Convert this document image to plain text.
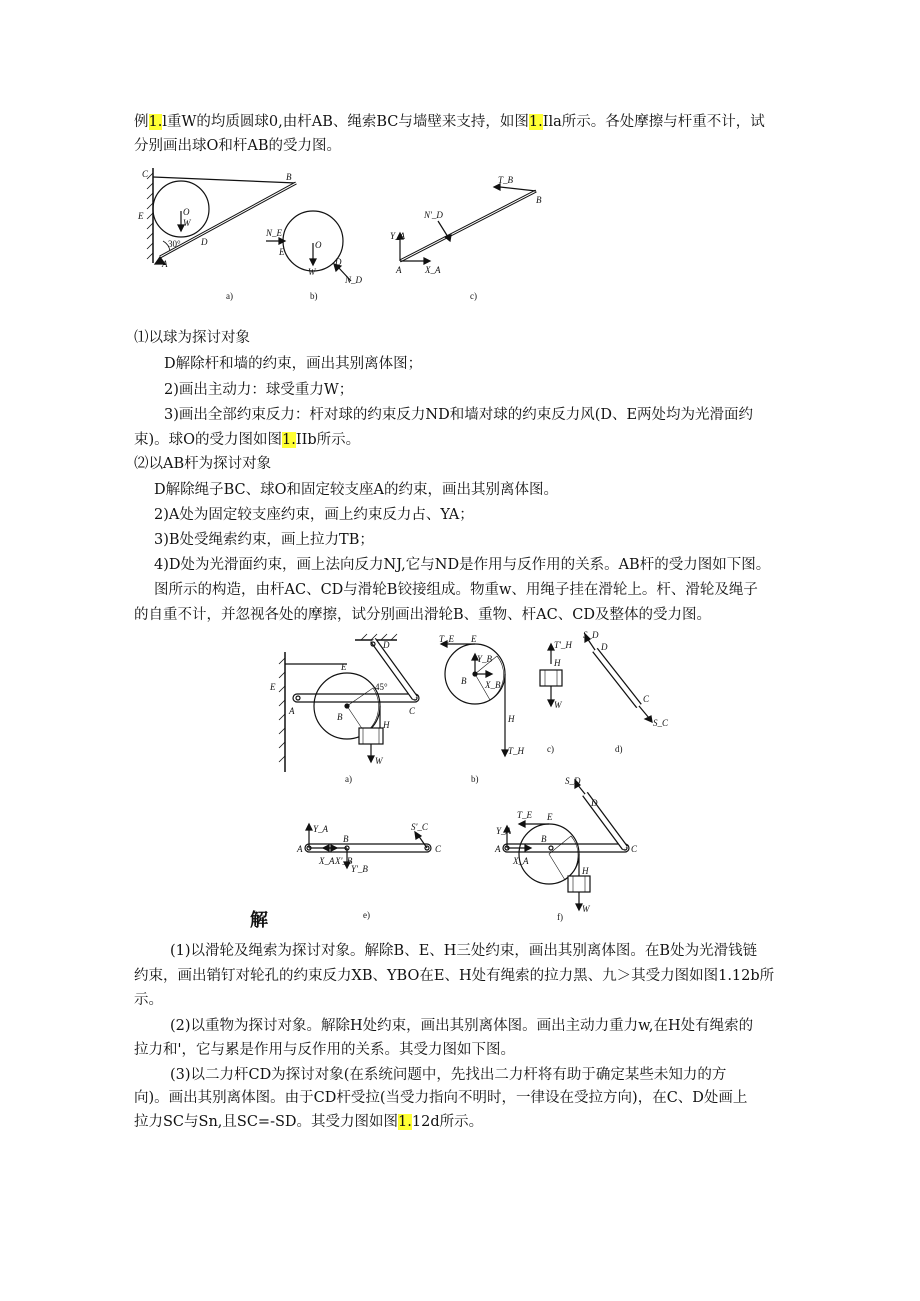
例1.l重W的均质圆球0,由杆AB、绳索BC与墙壁来支持，如图1.Ila所示。各处摩擦与杆重不计，试
分别画出球O和杆AB的受力图。
C	B
E	O
W
D
A
30°
N_E
E
O
W
D
N_D
T_B
B
N'_D
Y_A
A	X_A
a)	b)	c)
⑴以球为探讨对象
D解除杆和墙的约束，画出其别离体图；
2)画出主动力：球受重力W；
3)画出全部约束反力：杆对球的约束反力ND和墙对球的约束反力风(D、E两处均为光滑面约
束)。球O的受力图如图1.IIb所示。
⑵以AB杆为探讨对象
D解除绳子BC、球O和固定较支座A的约束，画出其别离体图。
2)A处为固定较支座约束，画上约束反力占、YA；
3)B处受绳索约束，画上拉力TB；
4)D处为光滑面约束，画上法向反力NJ,它与ND是作用与反作用的关系。AB杆的受力图如下图。
图所示的构造，由杆AC、CD与滑轮B铰接组成。物重w、用绳子挂在滑轮上。杆、滑轮及绳子
的自重不计，并忽视各处的摩擦，试分别画出滑轮B、重物、杆AC、CD及整体的受力图。
E
E
D
45°
A
B
C
H
W
T_E E
Y_B
B X_B
H
T_H
T'_H
H
W
S_D
D
C
S_C
Y_A
A
B
X_A X'_B
Y'_B
S'_C
C
S_D
D
T_E E
Y_A
A
X_A
B
C
H
W
a)	b)
c)	d)
e)	f)
解
(1)以滑轮及绳索为探讨对象。解除B、E、H三处约束，画出其别离体图。在B处为光滑钱链
约束，画出销钉对轮孔的约束反力XB、YBO在E、H处有绳索的拉力黑、九＞其受力图如图1.12b所
示。
(2)以重物为探讨对象。解除H处约束，画出其别离体图。画出主动力重力w,在H处有绳索的
拉力和'，它与累是作用与反作用的关系。其受力图如下图。
(3)以二力杆CD为探讨对象(在系统问题中，先找出二力杆将有助于确定某些未知力的方
向)。画出其别离体图。由于CD杆受拉(当受力指向不明时，一律设在受拉方向)，在C、D处画上
拉力SC与Sn,且SC=-SD。其受力图如图1.12d所示。
